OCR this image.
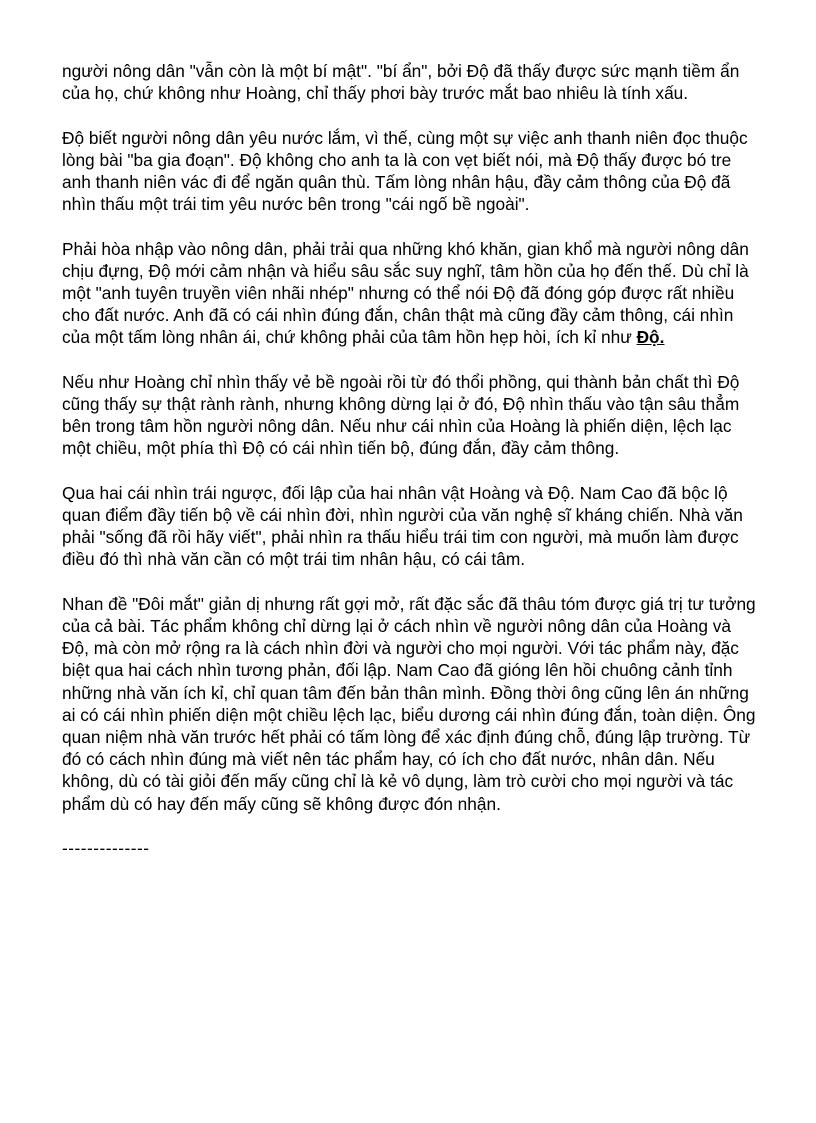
người nông dân "vẫn còn là một bí mật". "bí ẩn", bởi Độ đã thấy được sức mạnh tiềm ẩn của họ, chứ không như Hoàng, chỉ thấy phơi bày trước mắt bao nhiêu là tính xấu.

Độ biết người nông dân yêu nước lắm, vì thế, cùng một sự việc anh thanh niên đọc thuộc lòng bài "ba gia đoạn". Độ không cho anh ta là con vẹt biết nói, mà Độ thấy được bó tre anh thanh niên vác đi để ngăn quân thù. Tấm lòng nhân hậu, đầy cảm thông của Độ đã nhìn thấu một trái tim yêu nước bên trong "cái ngố bề ngoài".

Phải hòa nhập vào nông dân, phải trải qua những khó khăn, gian khổ mà người nông dân chịu đựng, Độ mới cảm nhận và hiểu sâu sắc suy nghĩ, tâm hồn của họ đến thế. Dù chỉ là một "anh tuyên truyền viên nhãi nhép" nhưng có thể nói Độ đã đóng góp được rất nhiều cho đất nước. Anh đã có cái nhìn đúng đắn, chân thật mà cũng đầy cảm thông, cái nhìn của một tấm lòng nhân ái, chứ không phải của tâm hồn hẹp hòi, ích kỉ như Độ.

Nếu như Hoàng chỉ nhìn thấy vẻ bề ngoài rồi từ đó thổi phồng, qui thành bản chất thì Độ cũng thấy sự thật rành rành, nhưng không dừng lại ở đó, Độ nhìn thấu vào tận sâu thẳm bên trong tâm hồn người nông dân. Nếu như cái nhìn của Hoàng là phiến diện, lệch lạc một chiều, một phía thì Độ có cái nhìn tiến bộ, đúng đắn, đầy cảm thông.

Qua hai cái nhìn trái ngược, đối lập của hai nhân vật Hoàng và Độ. Nam Cao đã bộc lộ quan điểm đầy tiến bộ về cái nhìn đời, nhìn người của văn nghệ sĩ kháng chiến. Nhà văn phải "sống đã rồi hãy viết", phải nhìn ra thấu hiểu trái tim con người, mà muốn làm được điều đó thì nhà văn cần có một trái tim nhân hậu, có cái tâm.

Nhan đề "Đôi mắt" giản dị nhưng rất gợi mở, rất đặc sắc đã thâu tóm được giá trị tư tưởng của cả bài. Tác phẩm không chỉ dừng lại ở cách nhìn về người nông dân của Hoàng và Độ, mà còn mở rộng ra là cách nhìn đời và người cho mọi người. Với tác phẩm này, đặc biệt qua hai cách nhìn tương phản, đối lập. Nam Cao đã gióng lên hồi chuông cảnh tỉnh những nhà văn ích kỉ, chỉ quan tâm đến bản thân mình. Đồng thời ông cũng lên án những ai có cái nhìn phiến diện một chiều lệch lạc, biểu dương cái nhìn đúng đắn, toàn diện. Ông quan niệm nhà văn trước hết phải có tấm lòng để xác định đúng chỗ, đúng lập trường. Từ đó có cách nhìn đúng mà viết nên tác phẩm hay, có ích cho đất nước, nhân dân. Nếu không, dù có tài giỏi đến mấy cũng chỉ là kẻ vô dụng, làm trò cười cho mọi người và tác phẩm dù có hay đến mấy cũng sẽ không được đón nhận.

--------------
